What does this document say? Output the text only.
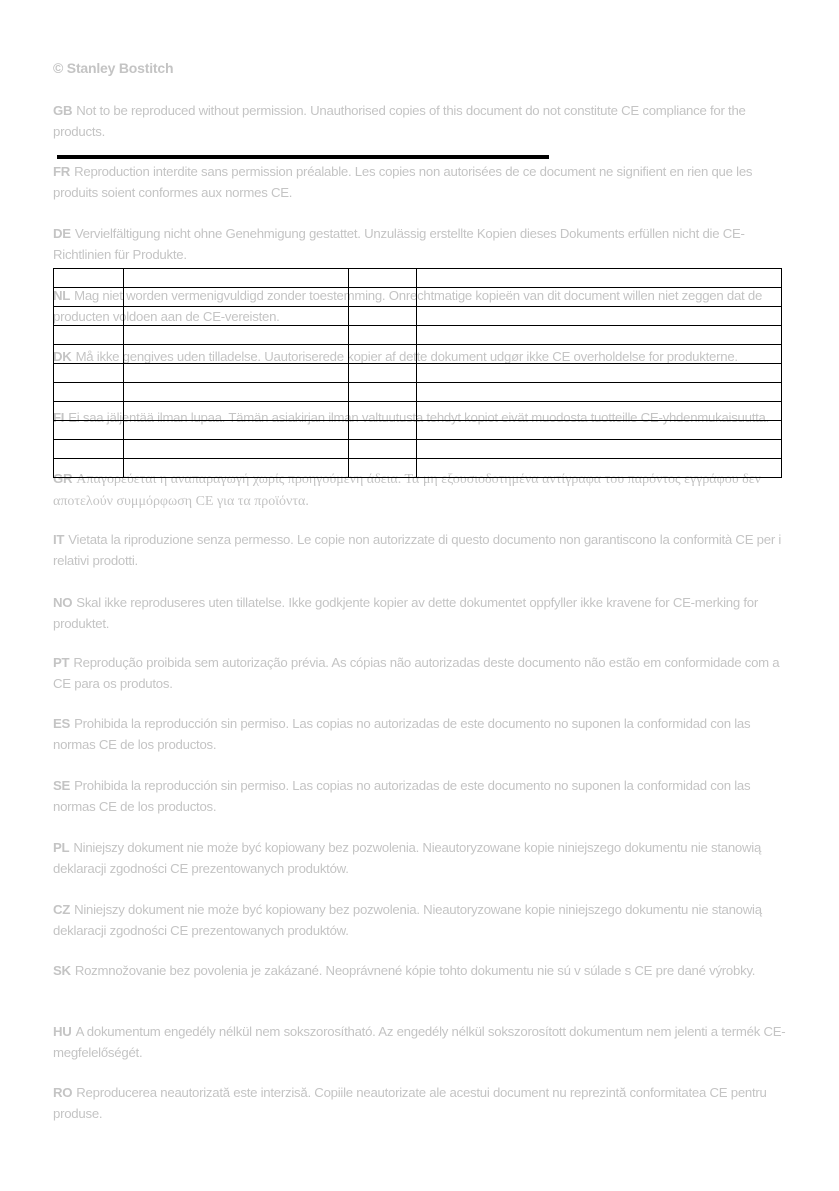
© Stanley Bostitch
GB Not to be reproduced without permission. Unauthorised copies of this document do not constitute CE compliance for the products.
FR Reproduction interdite sans permission préalable. Les copies non autorisées de ce document ne signifient en rien que les produits soient conformes aux normes CE.
DE Vervielfältigung nicht ohne Genehmigung gestattet. Unzulässig erstellte Kopien dieses Dokuments erfüllen nicht die CE-Richtlinien für Produkte.
NL Mag niet worden vermenigvuldigd zonder toestemming. Onrechtmatige kopieën van dit document willen niet zeggen dat de producten voldoen aan de CE-vereisten.
DK Må ikke gengives uden tilladelse. Uautoriserede kopier af dette dokument udgør ikke CE overholdelse for produkterne.
FI Ei saa jäljentää ilman lupaa. Tämän asiakirjan ilman valtuutusta tehdyt kopiot eivät muodosta tuotteille CE-yhdenmukaisuutta.
GR Απαγορεύεται η αναπαραγωγή χωρίς προηγούμενη άδεια. Τα μη εξουσιοδοτημένα αντίγραφα του παρόντος εγγράφου δεν αποτελούν συμμόρφωση CE για τα προϊόντα.

IT Vietata la riproduzione senza permesso. Le copie non autorizzate di questo documento non garantiscono la conformità CE per i relativi prodotti.
NO Skal ikke reproduseres uten tillatelse. Ikke godkjente kopier av dette dokumentet oppfyller ikke kravene for CE-merking for produktet.
PT Reprodução proibida sem autorização prévia. As cópias não autorizadas deste documento não estão em conformidade com a CE para os produtos.
ES Prohibida la reproducción sin permiso. Las copias no autorizadas de este documento no suponen la conformidad con las normas CE de los productos.
SE Prohibida la reproducción sin permiso. Las copias no autorizadas de este documento no suponen la conformidad con las normas CE de los productos.
PL Niniejszy dokument nie może być kopiowany bez pozwolenia. Nieautoryzowane kopie niniejszego dokumentu nie stanowią deklaracji zgodności CE prezentowanych produktów.
CZ Niniejszy dokument nie może być kopiowany bez pozwolenia. Nieautoryzowane kopie niniejszego dokumentu nie stanowią deklaracji zgodności CE prezentowanych produktów.
SK Rozmnožovanie bez povolenia je zakázané. Neoprávnené kópie tohto dokumentu nie sú v súlade s CE pre dané výrobky.
HU A dokumentum engedély nélkül nem sokszorosítható. Az engedély nélkül sokszorosított dokumentum nem jelenti a termék CE-megfelelőségét.
RO Reproducerea neautorizată este interzisă. Copiile neautorizate ale acestui document nu reprezintă conformitatea CE pentru produse.
